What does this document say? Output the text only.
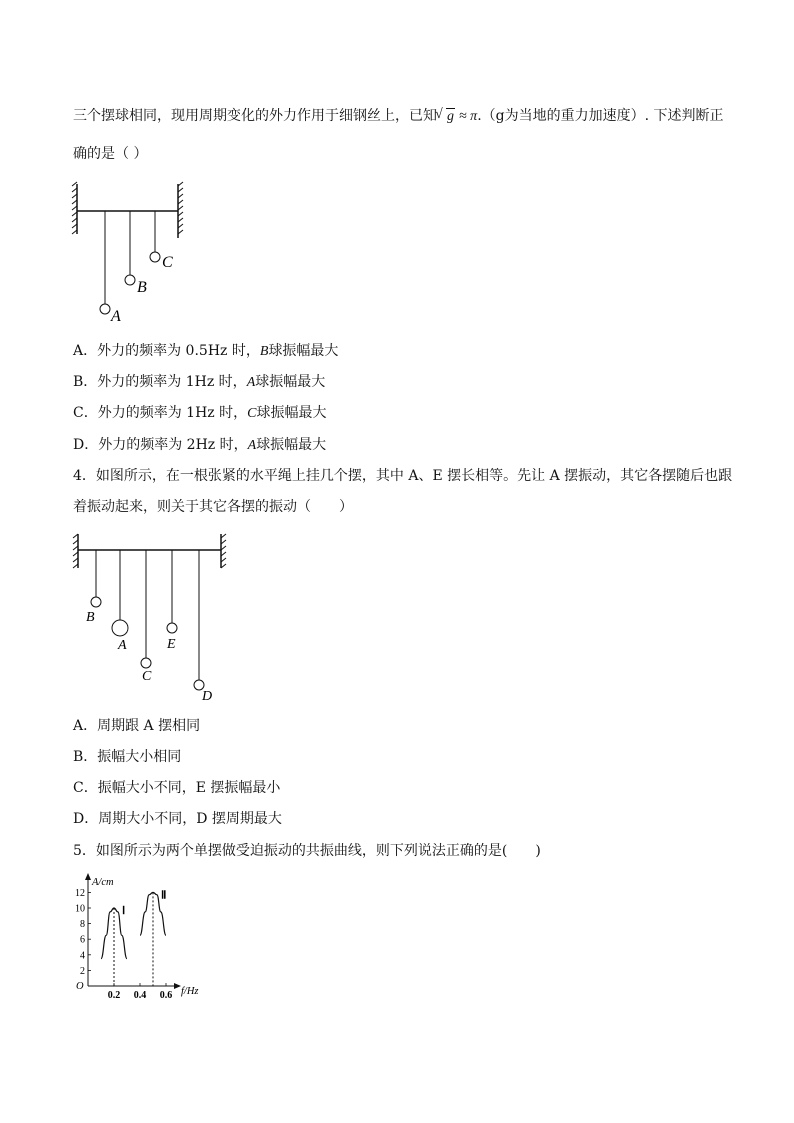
三个摆球相同，现用周期变化的外力作用于细钢丝上，已知√ g ≈ π.（g为当地的重力加速度）. 下述判断正
确的是（ ）
A
B
C
A．外力的频率为 0.5Hz 时，B球振幅最大
B．外力的频率为 1Hz 时，A球振幅最大
C．外力的频率为 1Hz 时，C球振幅最大
D．外力的频率为 2Hz 时，A球振幅最大
4．如图所示，在一根张紧的水平绳上挂几个摆，其中 A、E 摆长相等。先让 A 摆振动，其它各摆随后也跟
着振动起来，则关于其它各摆的振动（　　）
B
A
C
E
D
A．周期跟 A 摆相同
B．振幅大小相同
C．振幅大小不同，E 摆振幅最小
D．周期大小不同，D 摆周期最大
5．如图所示为两个单摆做受迫振动的共振曲线，则下列说法正确的是(　　)
A/cm
f/Hz
O
2
4
6
8
10
12
0.2 0.4 0.6
Ⅰ
Ⅱ
